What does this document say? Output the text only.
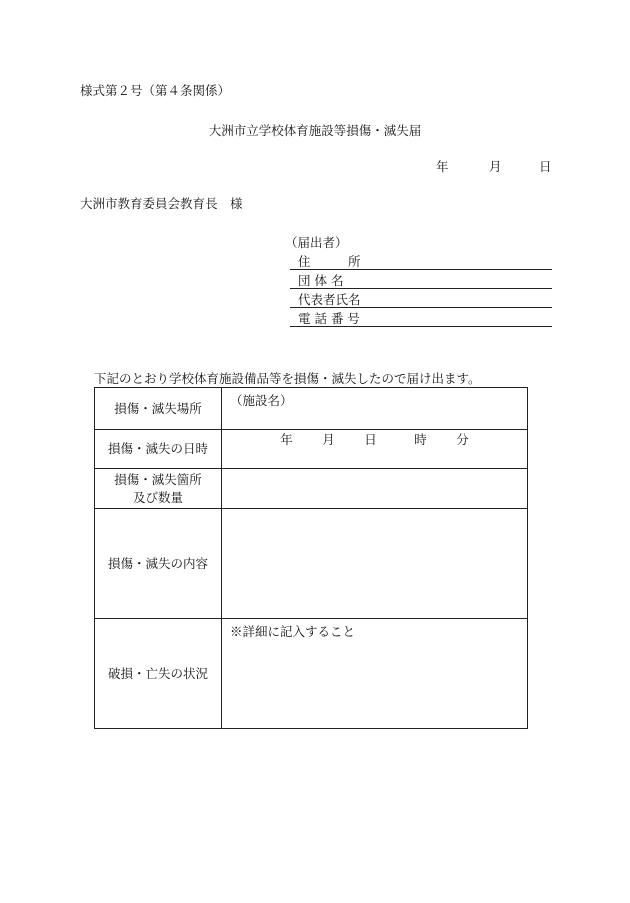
様式第２号（第４条関係）
大洲市立学校体育施設等損傷・滅失届
年	月	日
大洲市教育委員会教育長　様
（届出者）
住　　　所
団 体 名
代表者氏名
電 話 番 号
下記のとおり学校体育施設備品等を損傷・滅失したので届け出ます。
損傷・滅失場所	（施設名）

損傷・滅失の日時	年 月 日 時 分

損傷・滅失箇所
及び数量	

損傷・滅失の内容	
破損・亡失の状況	※詳細に記入すること
